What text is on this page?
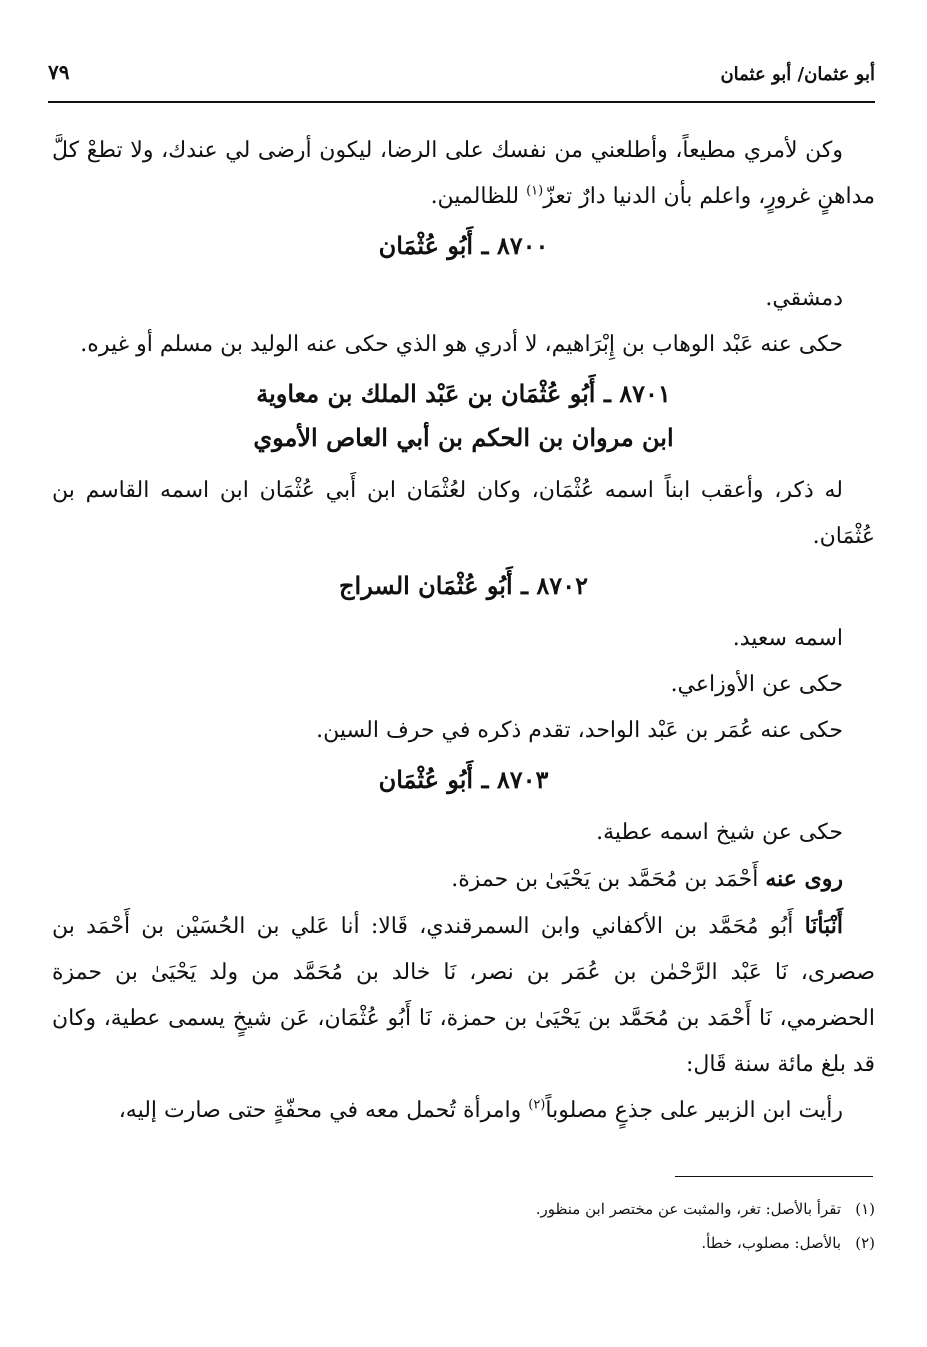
أبو عثمان/ أبو عثمان
٧٩

وكن لأمري مطيعاً، وأطلعني من نفسك على الرضا، ليكون أرضى لي عندك، ولا تطعْ كلَّ مداهنٍ غرورٍ، واعلم بأن الدنيا دارٌ تعزّ$^{(١)}$ للظالمين.

٨٧٠٠ ـ أَبُو عُثْمَان

دمشقي.

حكى عنه عَبْد الوهاب بن إِبْرَاهيم، لا أدري هو الذي حكى عنه الوليد بن مسلم أو غيره.

٨٧٠١ ـ أَبُو عُثْمَان بن عَبْد الملك بن معاوية
ابن مروان بن الحكم بن أبي العاص الأموي

له ذكر، وأعقب ابناً اسمه عُثْمَان، وكان لعُثْمَان ابن أَبي عُثْمَان ابن اسمه القاسم بن عُثْمَان.

٨٧٠٢ ـ أَبُو عُثْمَان السراج

اسمه سعيد.

حكى عن الأوزاعي.

حكى عنه عُمَر بن عَبْد الواحد، تقدم ذكره في حرف السين.

٨٧٠٣ ـ أَبُو عُثْمَان

حكى عن شيخ اسمه عطية.

روى عنه أَحْمَد بن مُحَمَّد بن يَحْيَىٰ بن حمزة.

أَنْبَأنَا أَبُو مُحَمَّد بن الأكفاني وابن السمرقندي، قَالا: أنا عَلي بن الحُسَيْن بن أَحْمَد بن صصرى، نَا عَبْد الرَّحْمٰن بن عُمَر بن نصر، نَا خالد بن مُحَمَّد من ولد يَحْيَىٰ بن حمزة الحضرمي، نَا أَحْمَد بن مُحَمَّد بن يَحْيَىٰ بن حمزة، نَا أَبُو عُثْمَان، عَن شيخٍ يسمى عطية، وكان قد بلغ مائة سنة قَال:

رأيت ابن الزبير على جذعٍ مصلوباً$^{(٢)}$ وامرأة تُحمل معه في محفّةٍ حتى صارت إليه،

(١)تقرأ بالأصل: تغر، والمثبت عن مختصر ابن منظور.

(٢)بالأصل: مصلوب، خطأ.
